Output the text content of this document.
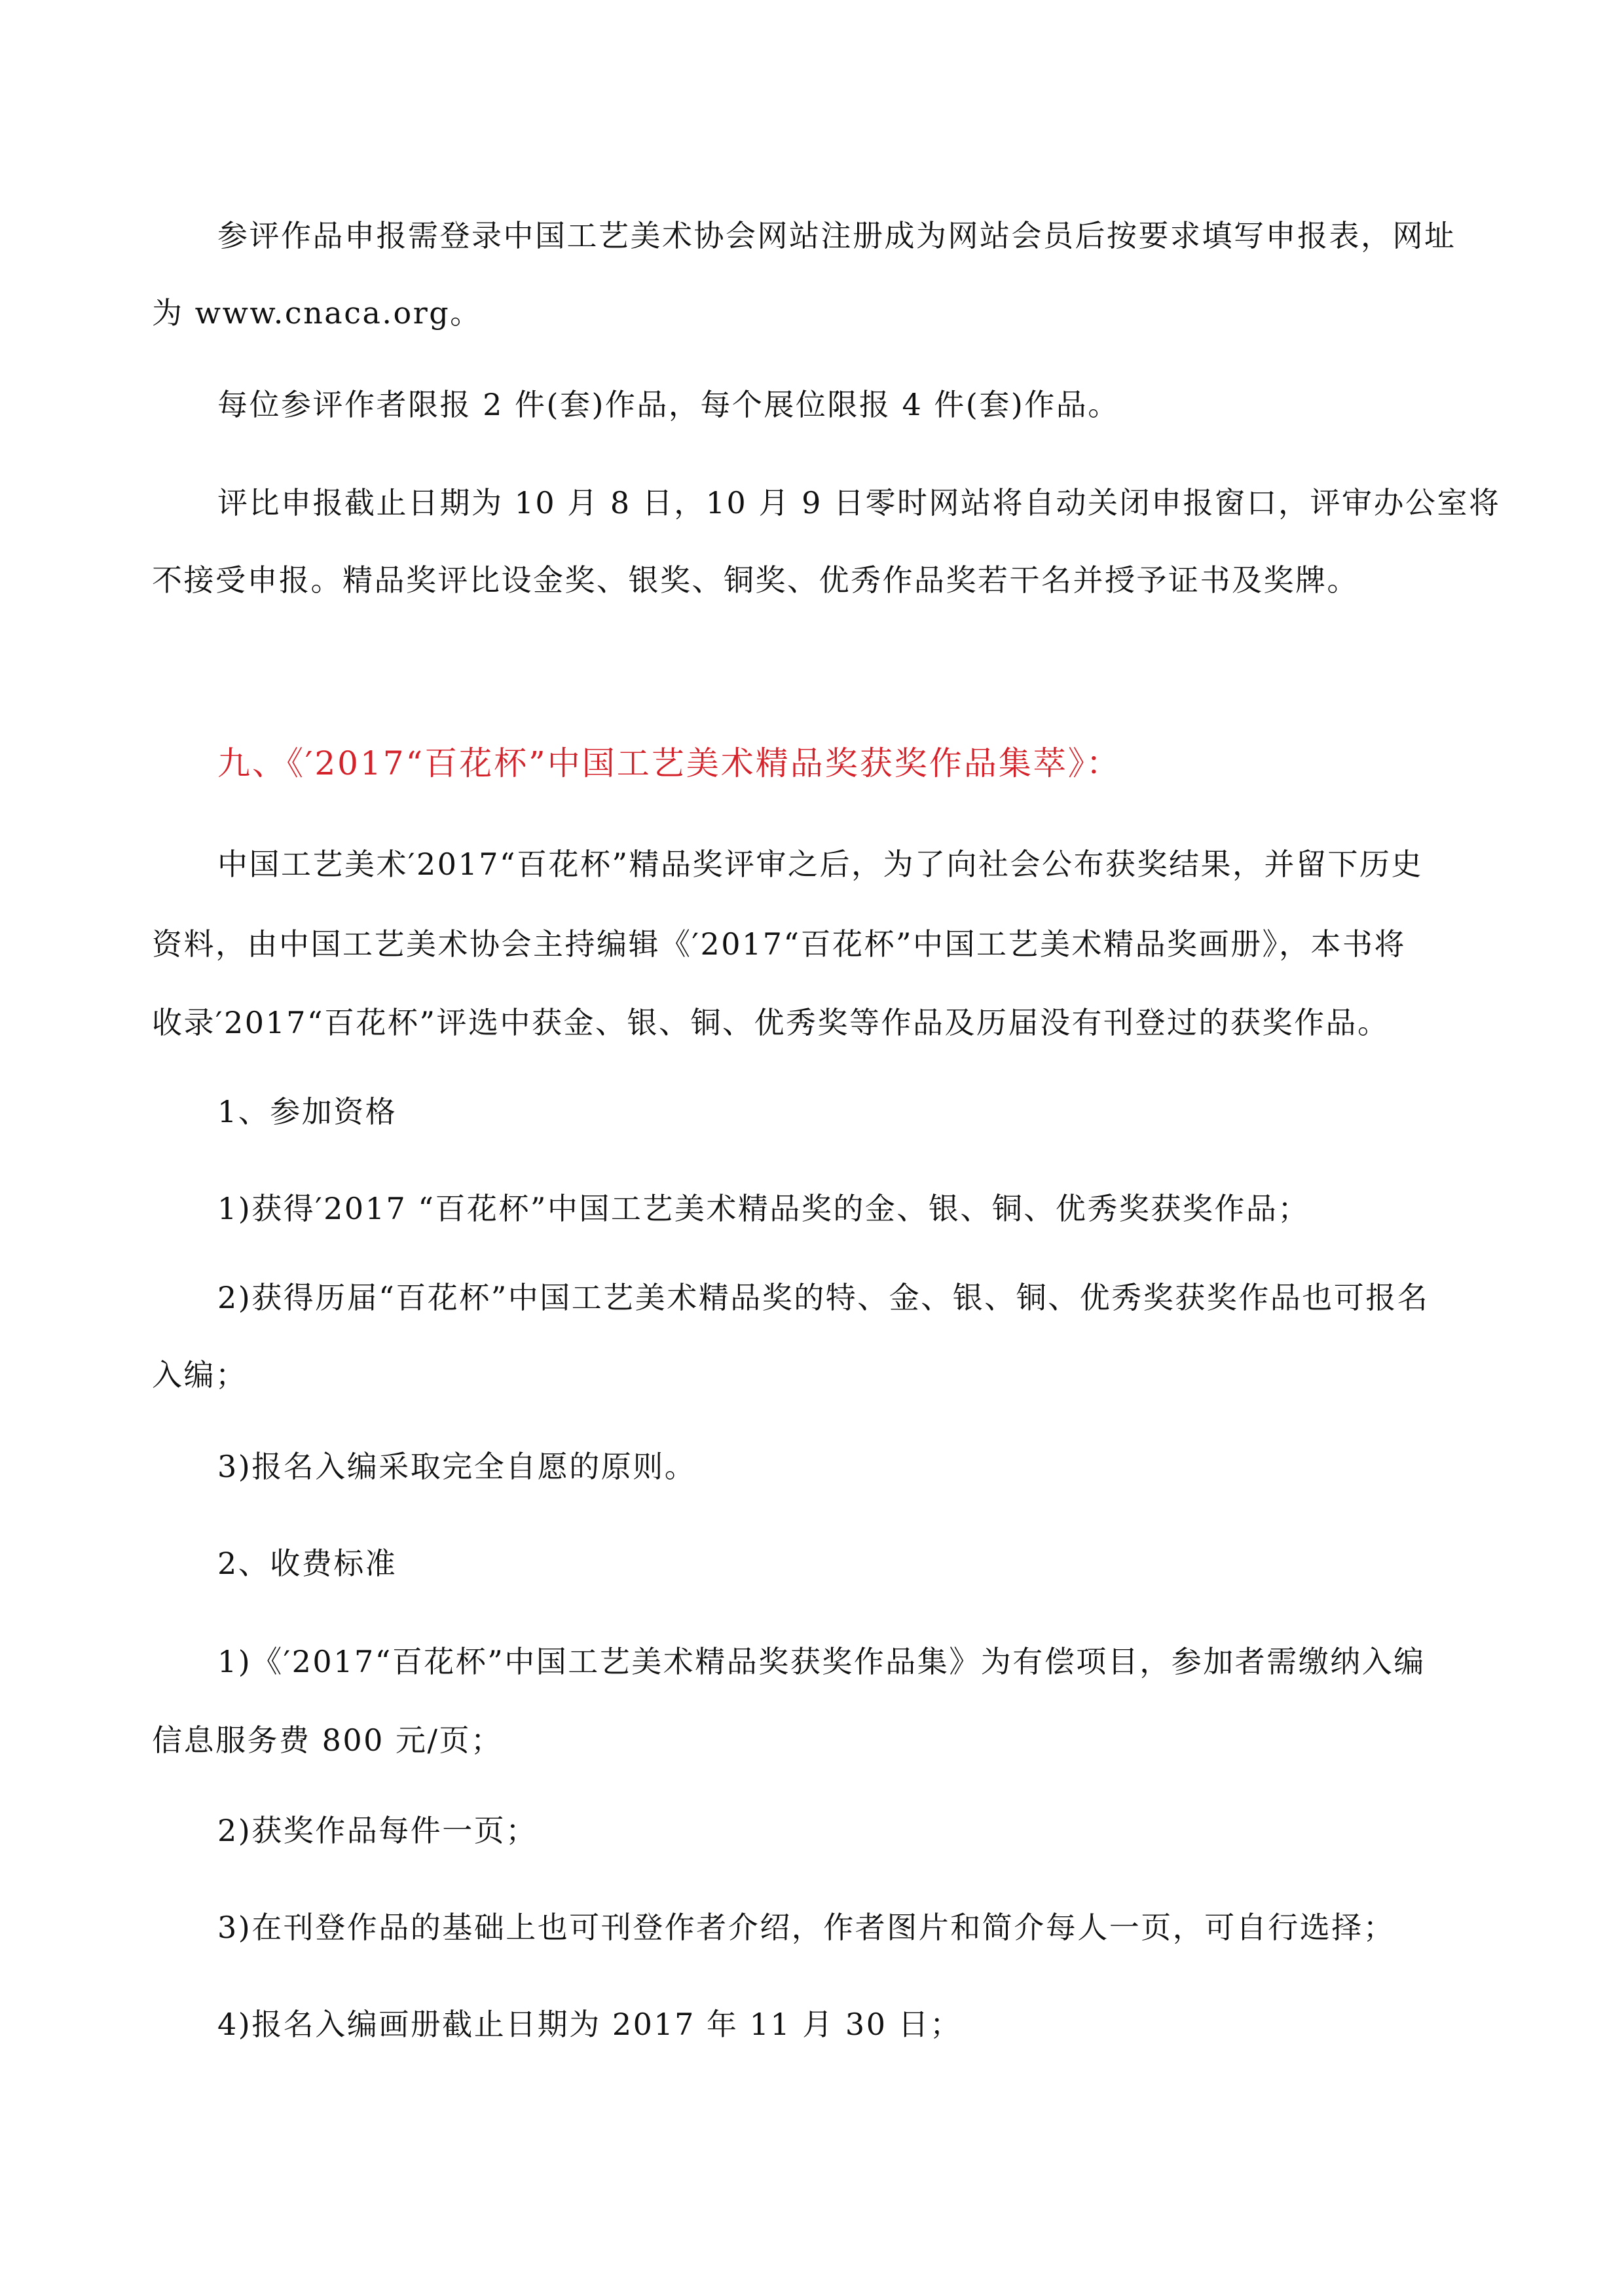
参评作品申报需登录中国工艺美术协会网站注册成为网站会员后按要求填写申报表，网址
为 www.cnaca.org。
每位参评作者限报 2 件(套)作品，每个展位限报 4 件(套)作品。
评比申报截止日期为 10 月 8 日，10 月 9 日零时网站将自动关闭申报窗口，评审办公室将
不接受申报。精品奖评比设金奖、银奖、铜奖、优秀作品奖若干名并授予证书及奖牌。
九、《′2017“百花杯”中国工艺美术精品奖获奖作品集萃》：
中国工艺美术′2017“百花杯”精品奖评审之后，为了向社会公布获奖结果，并留下历史
资料，由中国工艺美术协会主持编辑《′2017“百花杯”中国工艺美术精品奖画册》，本书将
收录′2017“百花杯”评选中获金、银、铜、优秀奖等作品及历届没有刊登过的获奖作品。
1、参加资格
1)获得′2017 “百花杯”中国工艺美术精品奖的金、银、铜、优秀奖获奖作品；
2)获得历届“百花杯”中国工艺美术精品奖的特、金、银、铜、优秀奖获奖作品也可报名
入编；
3)报名入编采取完全自愿的原则。
2、收费标准
1)《′2017“百花杯”中国工艺美术精品奖获奖作品集》为有偿项目，参加者需缴纳入编
信息服务费 800 元/页；
2)获奖作品每件一页；
3)在刊登作品的基础上也可刊登作者介绍，作者图片和简介每人一页，可自行选择；
4)报名入编画册截止日期为 2017 年 11 月 30 日；
